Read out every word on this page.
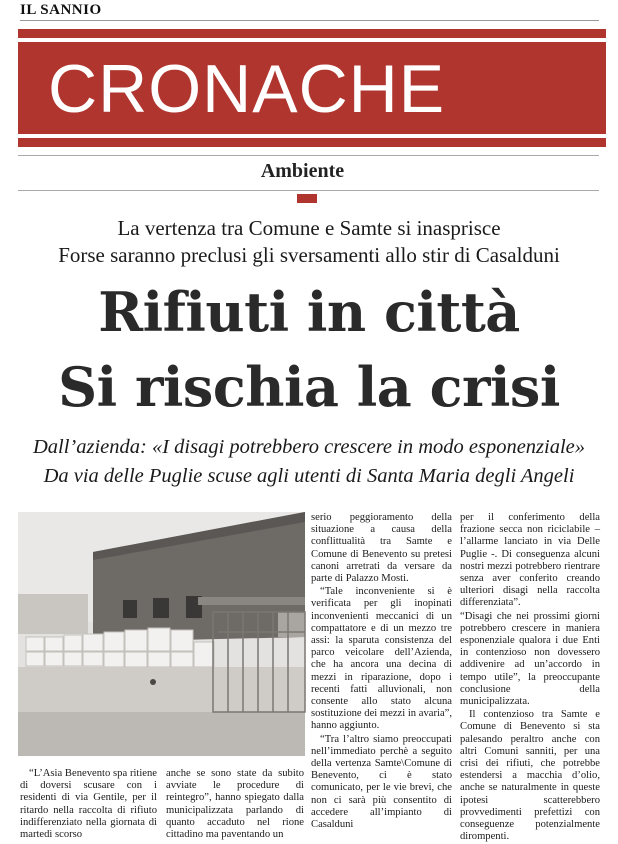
IL SANNIO
CRONACHE
Ambiente
La vertenza tra Comune e Samte si inasprisce
Forse saranno preclusi gli sversamenti allo stir di Casalduni
Rifiuti in città
Si rischia la crisi
Dall’azienda: «I disagi potrebbero crescere in modo esponenziale»
Da via delle Puglie scuse agli utenti di Santa Maria degli Angeli

“L’Asia Benevento spa ritiene di doversi scusare con i residenti di via Gentile, per il ritardo nella raccolta di rifiuto indifferenziato nella giornata di martedì scorso

anche se sono state da subito avviate le procedure di reintegro”, hanno spiegato dalla municipalizzata parlando di quanto accaduto nel rione cittadino ma paventando un

serio peggioramento della situazione a causa della conflittualità tra Samte e Comune di Benevento su pretesi canoni arretrati da versare da parte di Palazzo Mosti.

“Tale inconveniente si è verificata per gli inopinati inconvenienti meccanici di un compattatore e di un mezzo tre assi: la sparuta consistenza del parco veicolare dell’Azienda, che ha ancora una decina di mezzi in riparazione, dopo i recenti fatti alluvionali, non consente allo stato alcuna sostituzione dei mezzi in avaria”, hanno aggiunto.

“Tra l’altro siamo preoccupati nell’immediato perchè a seguito della vertenza Samte\Comune di Benevento, ci è stato comunicato, per le vie brevi, che non ci sarà più consentito di accedere all’impianto di Casalduni

per il conferimento della frazione secca non riciclabile – l’allarme lanciato in via Delle Puglie -. Di conseguenza alcuni nostri mezzi potrebbero rientrare senza aver conferito creando ulteriori disagi nella raccolta differenziata”.

“Disagi che nei prossimi giorni potrebbero crescere in maniera esponenziale qualora i due Enti in contenzioso non dovessero addivenire ad un’accordo in tempo utile”, la preoccupante conclusione della municipalizzata.

Il contenzioso tra Samte e Comune di Benevento si sta palesando peraltro anche con altri Comuni sanniti, per una crisi dei rifiuti, che potrebbe estendersi a macchia d’olio, anche se naturalmente in queste ipotesi scatterebbero provvedimenti prefettizi con conseguenze potenzialmente dirompenti.
